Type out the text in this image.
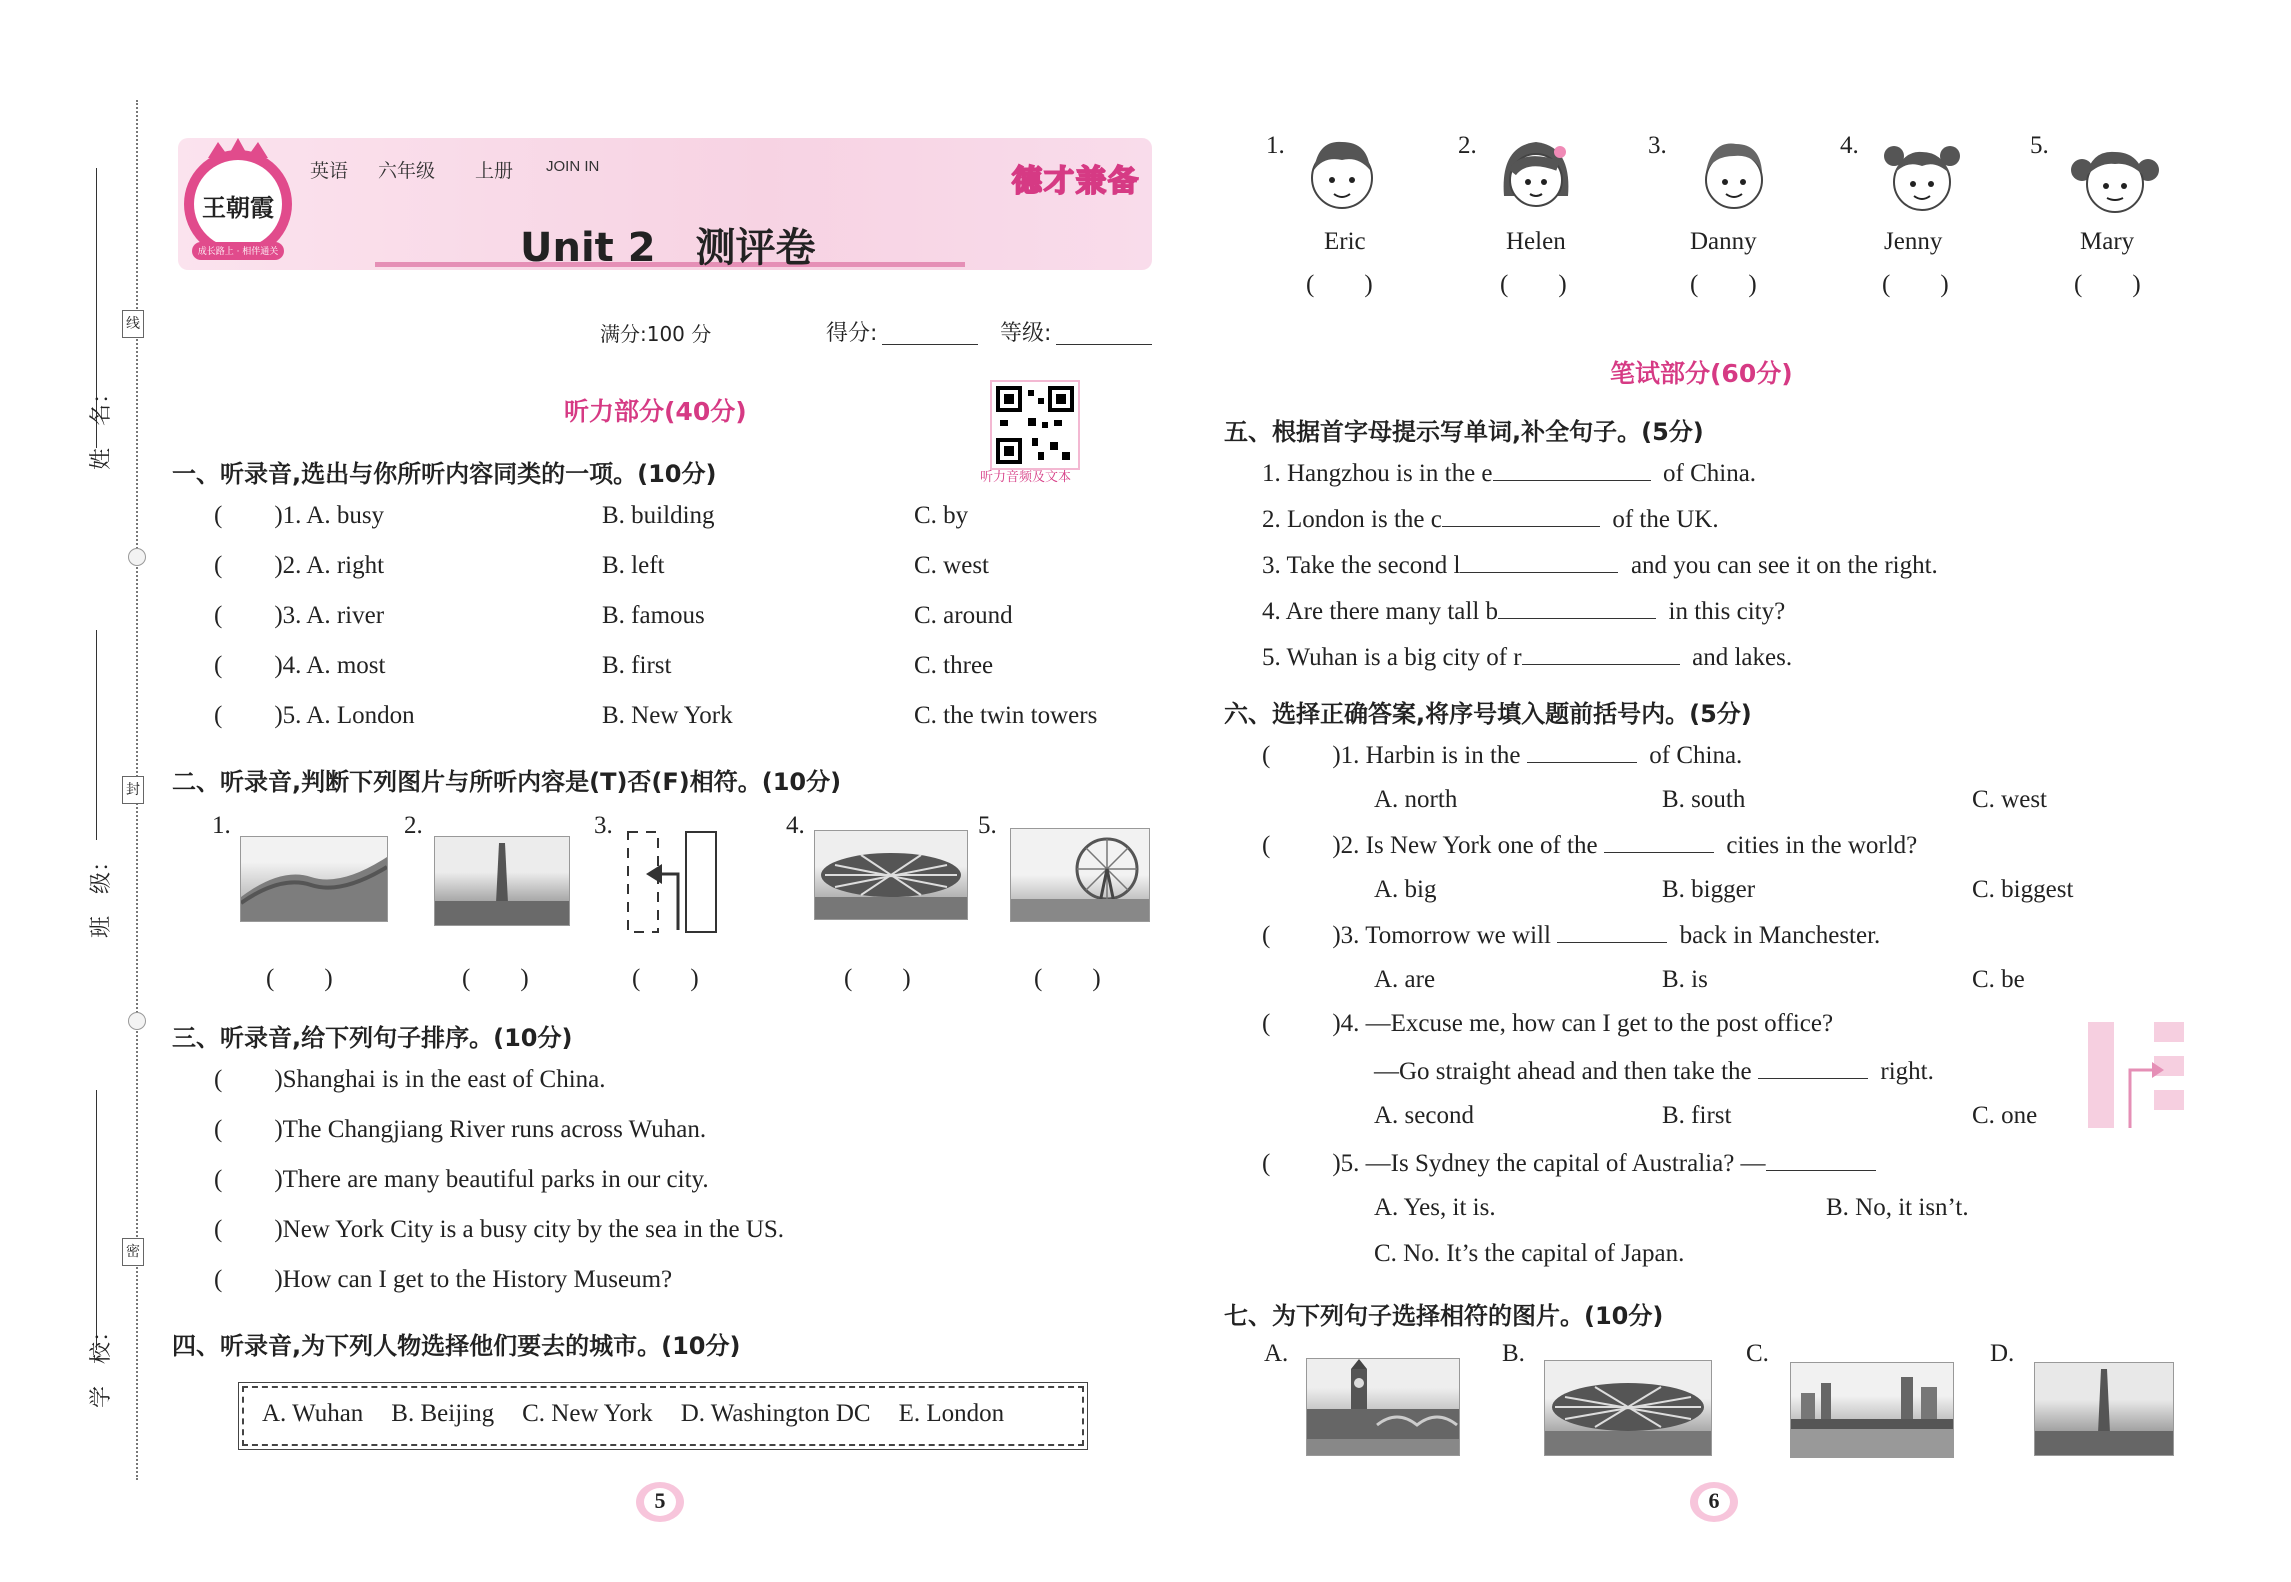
姓　名：
线
班　级：
封
学　校：
密
王朝霞
成长路上 · 相伴通关
英语 六年级 上册 JOIN IN	德才兼备
Unit 2　测评卷
满分:100 分	得分:	等级:
听力部分(40分)
听力音频及文本
一、听录音,选出与你所听内容同类的一项。(10分)
( )1. A. busy	B. building	C. by
( )2. A. right	B. left	C. west
( )3. A. river	B. famous	C. around
( )4. A. most	B. first	C. three
( )5. A. London	B. New York	C. the twin towers
二、听录音,判断下列图片与所听内容是(T)否(F)相符。(10分)
1.	2.	3.	4.	5.
(　　)	(　　)	(　　)	(　　)	(　　)
三、听录音,给下列句子排序。(10分)
( )Shanghai is in the east of China.
( )The Changjiang River runs across Wuhan.
( )There are many beautiful parks in our city.
( )New York City is a busy city by the sea in the US.
( )How can I get to the History Museum?
四、听录音,为下列人物选择他们要去的城市。(10分)
A. Wuhan B. Beijing C. New York D. Washington DC E. London
5
1.
Eric
(　　)
2.
Helen
(　　)
3.
Danny
(　　)
4.
Jenny
(　　)
5.
Mary
(　　)
笔试部分(60分)
五、根据首字母提示写单词,补全句子。(5分)
1. Hangzhou is in the e	of China.
2. London is the c	of the UK.
3. Take the second l	and you can see it on the right.
4. Are there many tall b	in this city?
5. Wuhan is a big city of r	and lakes.
六、选择正确答案,将序号填入题前括号内。(5分)
( )1. Harbin is in the	of China.
A. north	B. south	C. west
( )2. Is New York one of the	cities in the world?
A. big	B. bigger	C. biggest
( )3. Tomorrow we will	back in Manchester.
A. are	B. is	C. be
( )4. —Excuse me, how can I get to the post office?
—Go straight ahead and then take the	right.
A. second	B. first	C. one
( )5. —Is Sydney the capital of Australia? —
A. Yes, it is.	B. No, it isn’t.
C. No. It’s the capital of Japan.
七、为下列句子选择相符的图片。(10分)
A.	B.	C.	D.
6
